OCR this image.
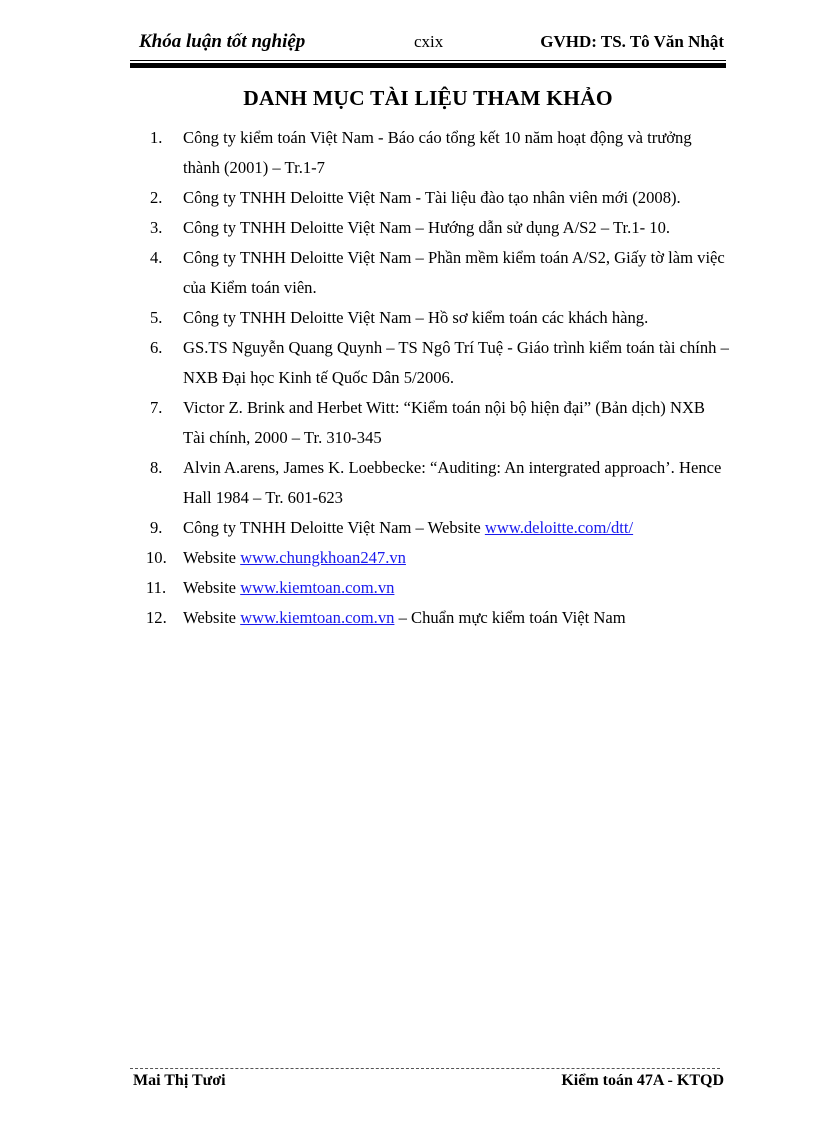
Khóa luận tốt nghiệp	cxix	GVHD: TS. Tô Văn Nhật
DANH MỤC TÀI LIỆU THAM KHẢO
1. Công ty kiểm toán Việt Nam - Báo cáo tổng kết 10 năm hoạt động và trưởng thành (2001) – Tr.1-7
2. Công ty TNHH Deloitte Việt Nam - Tài liệu đào tạo nhân viên mới (2008).
3. Công ty TNHH Deloitte Việt Nam – Hướng dẫn sử dụng A/S2 – Tr.1- 10.
4. Công ty TNHH Deloitte Việt Nam – Phần mềm kiểm toán A/S2, Giấy tờ làm việc của Kiểm toán viên.
5. Công ty TNHH Deloitte Việt Nam – Hồ sơ kiểm toán các khách hàng.
6. GS.TS Nguyễn Quang Quynh – TS Ngô Trí Tuệ - Giáo trình kiểm toán tài chính – NXB Đại học Kinh tế Quốc Dân 5/2006.
7. Victor Z. Brink and Herbet Witt: “Kiểm toán nội bộ hiện đại” (Bản dịch) NXB Tài chính, 2000 – Tr. 310-345
8. Alvin A.arens, James K. Loebbecke: “Auditing: An intergrated approach’. Hence Hall 1984 – Tr. 601-623
9. Công ty TNHH Deloitte Việt Nam – Website www.deloitte.com/dtt/
10. Website www.chungkhoan247.vn
11. Website www.kiemtoan.com.vn
12. Website www.kiemtoan.com.vn – Chuẩn mực kiểm toán Việt Nam
Mai Thị Tươi	Kiểm toán 47A - KTQD
